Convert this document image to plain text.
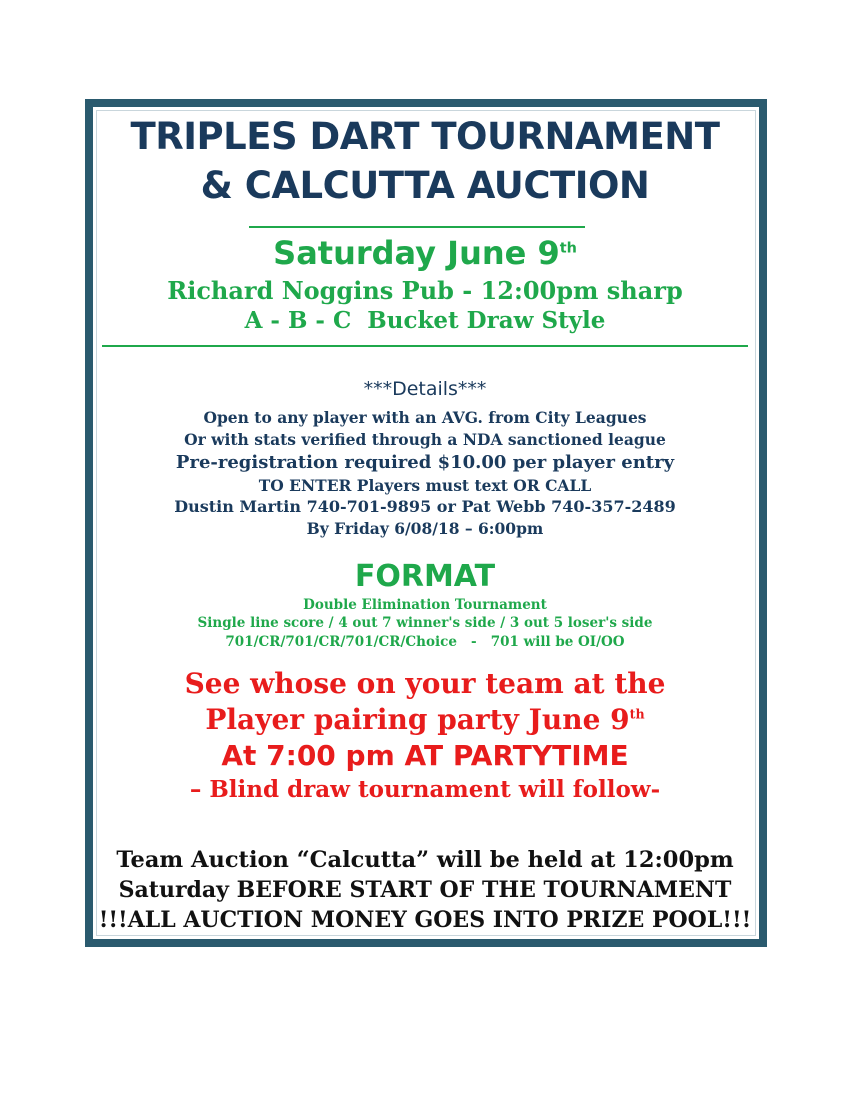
TRIPLES DART TOURNAMENT
& CALCUTTA AUCTION
Saturday June 9th
Richard Noggins Pub - 12:00pm sharp
A - B - C  Bucket Draw Style
***Details***
Open to any player with an AVG. from City Leagues
Or with stats verified through a NDA sanctioned league
Pre-registration required $10.00 per player entry
TO ENTER Players must text OR CALL
Dustin Martin 740-701-9895 or Pat Webb 740-357-2489
By Friday 6/08/18 – 6:00pm
FORMAT
Double Elimination Tournament
Single line score / 4 out 7 winner's side / 3 out 5 loser's side
701/CR/701/CR/701/CR/Choice   -   701 will be OI/OO
See whose on your team at the
Player pairing party June 9th
At 7:00 pm AT PARTYTIME
– Blind draw tournament will follow-
Team Auction “Calcutta” will be held at 12:00pm
Saturday BEFORE START OF THE TOURNAMENT
!!!ALL AUCTION MONEY GOES INTO PRIZE POOL!!!
